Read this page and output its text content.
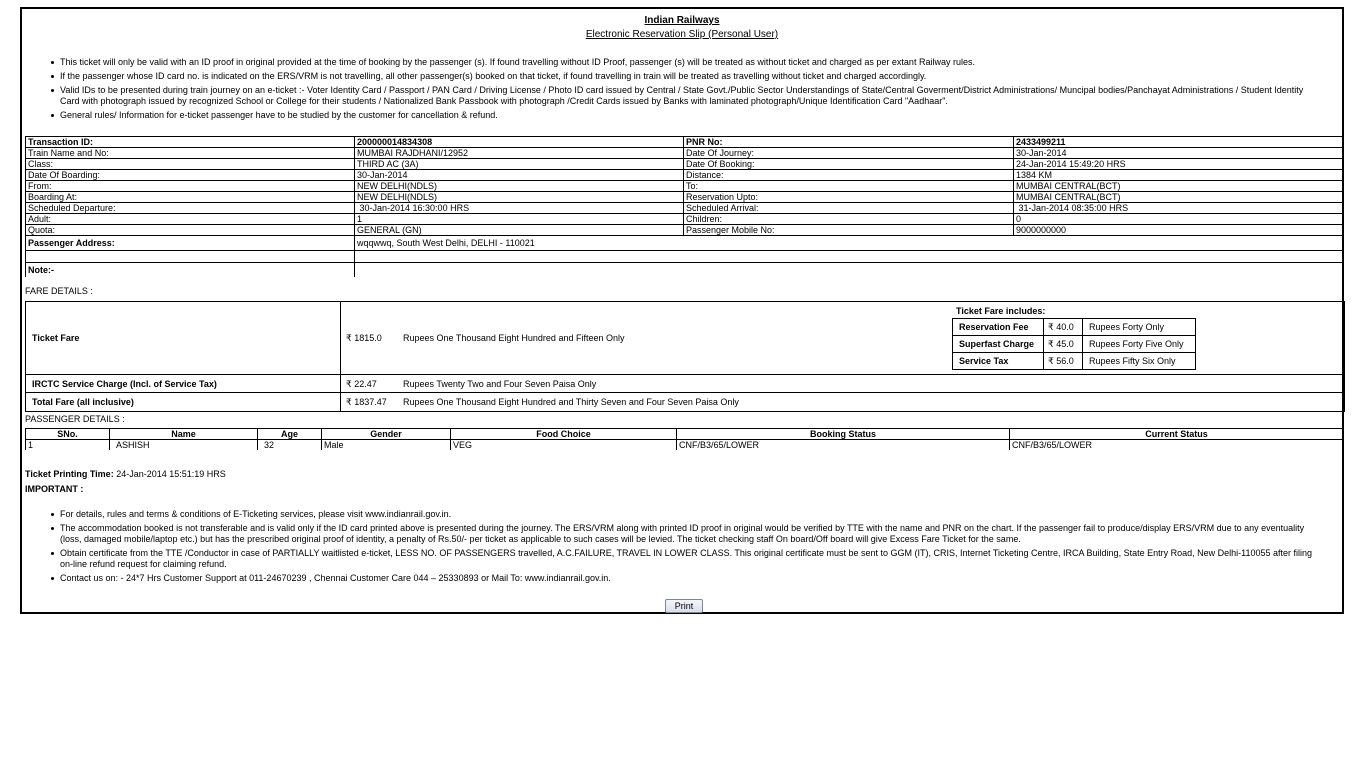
Indian Railways
Electronic Reservation Slip (Personal User)
This ticket will only be valid with an ID proof in original provided at the time of booking by the passenger (s). If found travelling without ID Proof, passenger (s) will be treated as without ticket and charged as per extant Railway rules.
If the passenger whose ID card no. is indicated on the ERS/VRM is not travelling, all other passenger(s) booked on that ticket, if found travelling in train will be treated as travelling without ticket and charged accordingly.
Valid IDs to be presented during train journey on an e-ticket :- Voter Identity Card / Passport / PAN Card / Driving License / Photo ID card issued by Central / State Govt./Public Sector Understandings of State/Central Goverment/District Administrations/ Muncipal bodies/Panchayat Administrations / Student Identity Card with photograph issued by recognized School or College for their students / Nationalized Bank Passbook with photograph /Credit Cards issued by Banks with laminated photograph/Unique Identification Card "Aadhaar".
General rules/ Information for e-ticket passenger have to be studied by the customer for cancellation & refund.
Transaction ID:	200000014834308	PNR No:	2433499211
Train Name and No:	MUMBAI RAJDHANI/12952	Date Of Journey:	30-Jan-2014
Class:	THIRD AC (3A)	Date Of Booking:	24-Jan-2014 15:49:20 HRS
Date Of Boarding:	30-Jan-2014	Distance:	1384 KM
From:	NEW DELHI(NDLS)	To:	MUMBAI CENTRAL(BCT)
Boarding At:	NEW DELHI(NDLS)	Reservation Upto:	MUMBAI CENTRAL(BCT)
Scheduled Departure:	30-Jan-2014 16:30:00 HRS	Scheduled Arrival:	31-Jan-2014 08:35:00 HRS
Adult:	1	Children:	0
Quota:	GENERAL (GN)	Passenger Mobile No:	9000000000
Passenger Address:	wqqwwq, South West Delhi, DELHI - 110021		

Note:-			
FARE DETAILS :
Ticket Fare	₹ 1815.0 Rupees One Thousand Eight Hundred and Fifteen Only
Ticket Fare includes:
Reservation Fee	₹ 40.0	Rupees Forty Only
Superfast Charge	₹ 45.0	Rupees Forty Five Only
Service Tax	₹ 56.0	Rupees Fifty Six Only
IRCTC Service Charge (Incl. of Service Tax)	₹ 22.47	Rupees Twenty Two and Four Seven Paisa Only
Total Fare (all inclusive)	₹ 1837.47 Rupees One Thousand Eight Hundred and Thirty Seven and Four Seven Paisa Only
PASSENGER DETAILS :
SNo.	Name	Age	Gender	Food Choice	Booking Status	Current Status
1	ASHISH	32	Male	VEG	CNF/B3/65/LOWER	CNF/B3/65/LOWER
Ticket Printing Time: 24-Jan-2014 15:51:19 HRS
IMPORTANT :
For details, rules and terms & conditions of E-Ticketing services, please visit www.indianrail.gov.in.
The accommodation booked is not transferable and is valid only if the ID card printed above is presented during the journey. The ERS/VRM along with printed ID proof in original would be verified by TTE with the name and PNR on the chart. If the passenger fail to produce/display ERS/VRM due to any eventuality (loss, damaged mobile/laptop etc.) but has the prescribed original proof of identity, a penalty of Rs.50/- per ticket as applicable to such cases will be levied. The ticket checking staff On board/Off board will give Excess Fare Ticket for the same.
Obtain certificate from the TTE /Conductor in case of PARTIALLY waitlisted e-ticket, LESS NO. OF PASSENGERS travelled, A.C.FAILURE, TRAVEL IN LOWER CLASS. This original certificate must be sent to GGM (IT), CRIS, Internet Ticketing Centre, IRCA Building, State Entry Road, New Delhi-110055 after filing on-line refund request for claiming refund.
Contact us on: - 24*7 Hrs Customer Support at 011-24670239 , Chennai Customer Care 044 – 25330893 or Mail To: www.indianrail.gov.in.
Print
